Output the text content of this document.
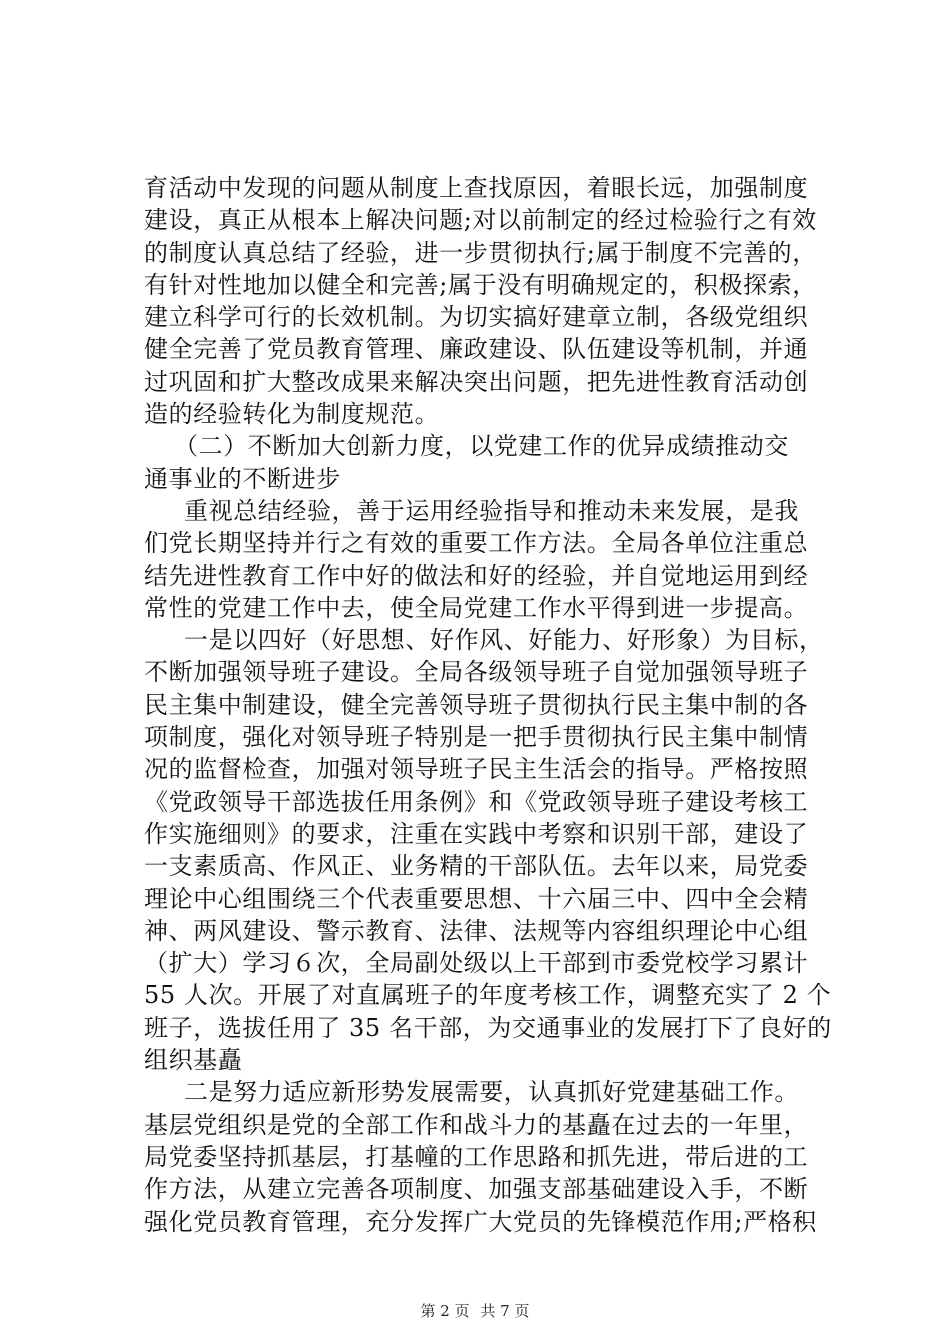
育活动中发现的问题从制度上查找原因，着眼长远，加强制度
建设，真正从根本上解决问题;对以前制定的经过检验行之有效
的制度认真总结了经验，进一步贯彻执行;属于制度不完善的，
有针对性地加以健全和完善;属于没有明确规定的，积极探索，
建立科学可行的长效机制。为切实搞好建章立制，各级党组织
健全完善了党员教育管理、廉政建设、队伍建设等机制，并通
过巩固和扩大整改成果来解决突出问题，把先进性教育活动创
造的经验转化为制度规范。
（二）不断加大创新力度，以党建工作的优异成绩推动交
通事业的不断进步
重视总结经验，善于运用经验指导和推动未来发展，是我
们党长期坚持并行之有效的重要工作方法。全局各单位注重总
结先进性教育工作中好的做法和好的经验，并自觉地运用到经
常性的党建工作中去，使全局党建工作水平得到进一步提高。
一是以四好（好思想、好作风、好能力、好形象）为目标，
不断加强领导班子建设。全局各级领导班子自觉加强领导班子
民主集中制建设，健全完善领导班子贯彻执行民主集中制的各
项制度，强化对领导班子特别是一把手贯彻执行民主集中制情
况的监督检查，加强对领导班子民主生活会的指导。严格按照
《党政领导干部选拔任用条例》和《党政领导班子建设考核工
作实施细则》的要求，注重在实践中考察和识别干部，建设了
一支素质高、作风正、业务精的干部队伍。去年以来，局党委
理论中心组围绕三个代表重要思想、十六届三中、四中全会精
神、两风建设、警示教育、法律、法规等内容组织理论中心组
（扩大）学习６次，全局副处级以上干部到市委党校学习累计
55 人次。开展了对直属班子的年度考核工作，调整充实了 2 个
班子，选拔任用了 35 名干部，为交通事业的发展打下了良好的
组织基矗
二是努力适应新形势发展需要，认真抓好党建基础工作。
基层党组织是党的全部工作和战斗力的基矗在过去的一年里，
局党委坚持抓基层，打基幢的工作思路和抓先进，带后进的工
作方法，从建立完善各项制度、加强支部基础建设入手，不断
强化党员教育管理，充分发挥广大党员的先锋模范作用;严格积
第 2 页 共 7 页
